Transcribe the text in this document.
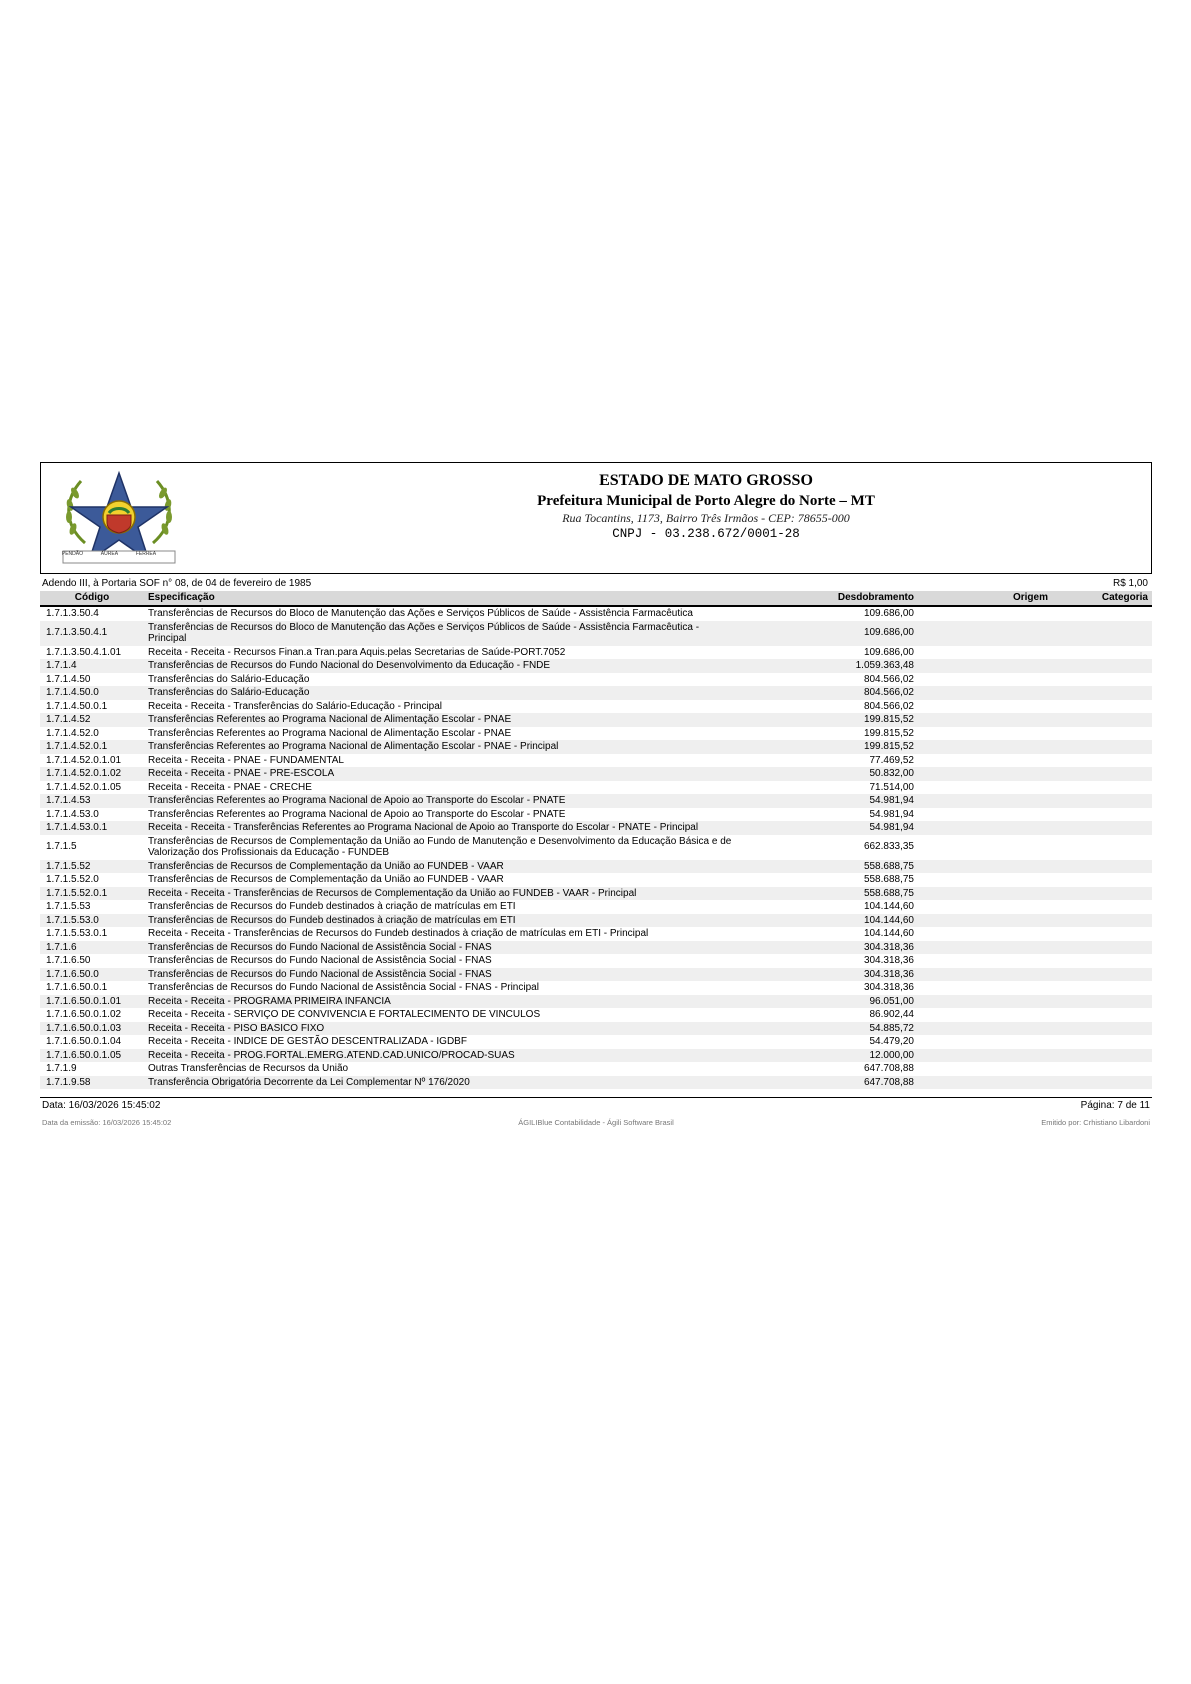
PENDÃO	ÁUREA	FERREA
ESTADO DE MATO GROSSO
Prefeitura Municipal de Porto Alegre do Norte – MT
Rua Tocantins, 1173, Bairro Três Irmãos - CEP: 78655-000
CNPJ - 03.238.672/0001-28
Adendo III, à Portaria SOF n° 08, de 04 de fevereiro de 1985	R$ 1,00
Código	Especificação	Desdobramento	Origem	Categoria
1.7.1.3.50.4	Transferências de Recursos do Bloco de Manutenção das Ações e Serviços Públicos de Saúde - Assistência Farmacêutica	109.686,00		
1.7.1.3.50.4.1	Transferências de Recursos do Bloco de Manutenção das Ações e Serviços Públicos de Saúde - Assistência Farmacêutica - Principal	109.686,00		
1.7.1.3.50.4.1.01	Receita - Receita - Recursos Finan.a Tran.para Aquis.pelas Secretarias de Saúde-PORT.7052	109.686,00		
1.7.1.4	Transferências de Recursos do Fundo Nacional do Desenvolvimento da Educação - FNDE	1.059.363,48		
1.7.1.4.50	Transferências do Salário-Educação	804.566,02		
1.7.1.4.50.0	Transferências do Salário-Educação	804.566,02		
1.7.1.4.50.0.1	Receita - Receita - Transferências do Salário-Educação - Principal	804.566,02		
1.7.1.4.52	Transferências Referentes ao Programa Nacional de Alimentação Escolar - PNAE	199.815,52		
1.7.1.4.52.0	Transferências Referentes ao Programa Nacional de Alimentação Escolar - PNAE	199.815,52		
1.7.1.4.52.0.1	Transferências Referentes ao Programa Nacional de Alimentação Escolar - PNAE - Principal	199.815,52		
1.7.1.4.52.0.1.01	Receita - Receita - PNAE - FUNDAMENTAL	77.469,52		
1.7.1.4.52.0.1.02	Receita - Receita - PNAE - PRE-ESCOLA	50.832,00		
1.7.1.4.52.0.1.05	Receita - Receita - PNAE - CRECHE	71.514,00		
1.7.1.4.53	Transferências Referentes ao Programa Nacional de Apoio ao Transporte do Escolar - PNATE	54.981,94		
1.7.1.4.53.0	Transferências Referentes ao Programa Nacional de Apoio ao Transporte do Escolar - PNATE	54.981,94		
1.7.1.4.53.0.1	Receita - Receita - Transferências Referentes ao Programa Nacional de Apoio ao Transporte do Escolar - PNATE - Principal	54.981,94		
1.7.1.5	Transferências de Recursos de Complementação da União ao Fundo de Manutenção e Desenvolvimento da Educação Básica e de Valorização dos Profissionais da Educação - FUNDEB	662.833,35		
1.7.1.5.52	Transferências de Recursos de Complementação da União ao FUNDEB - VAAR	558.688,75		
1.7.1.5.52.0	Transferências de Recursos de Complementação da União ao FUNDEB - VAAR	558.688,75		
1.7.1.5.52.0.1	Receita - Receita - Transferências de Recursos de Complementação da União ao FUNDEB - VAAR - Principal	558.688,75		
1.7.1.5.53	Transferências de Recursos do Fundeb destinados à criação de matrículas em ETI	104.144,60		
1.7.1.5.53.0	Transferências de Recursos do Fundeb destinados à criação de matrículas em ETI	104.144,60		
1.7.1.5.53.0.1	Receita - Receita - Transferências de Recursos do Fundeb destinados à criação de matrículas em ETI - Principal	104.144,60		
1.7.1.6	Transferências de Recursos do Fundo Nacional de Assistência Social - FNAS	304.318,36		
1.7.1.6.50	Transferências de Recursos do Fundo Nacional de Assistência Social - FNAS	304.318,36		
1.7.1.6.50.0	Transferências de Recursos do Fundo Nacional de Assistência Social - FNAS	304.318,36		
1.7.1.6.50.0.1	Transferências de Recursos do Fundo Nacional de Assistência Social - FNAS - Principal	304.318,36		
1.7.1.6.50.0.1.01	Receita - Receita - PROGRAMA PRIMEIRA INFANCIA	96.051,00		
1.7.1.6.50.0.1.02	Receita - Receita - SERVIÇO DE CONVIVENCIA E FORTALECIMENTO DE VINCULOS	86.902,44		
1.7.1.6.50.0.1.03	Receita - Receita - PISO BASICO FIXO	54.885,72		
1.7.1.6.50.0.1.04	Receita - Receita - INDICE DE GESTÃO DESCENTRALIZADA - IGDBF	54.479,20		
1.7.1.6.50.0.1.05	Receita - Receita - PROG.FORTAL.EMERG.ATEND.CAD.UNICO/PROCAD-SUAS	12.000,00		
1.7.1.9	Outras Transferências de Recursos da União	647.708,88		
1.7.1.9.58	Transferência Obrigatória Decorrente da Lei Complementar Nº 176/2020	647.708,88		
Data: 16/03/2026 15:45:02	Página: 7 de 11
Data da emissão: 16/03/2026 15:45:02	ÁGILIBlue Contabilidade - Ágili Software Brasil	Emitido por: Crhistiano Libardoni
